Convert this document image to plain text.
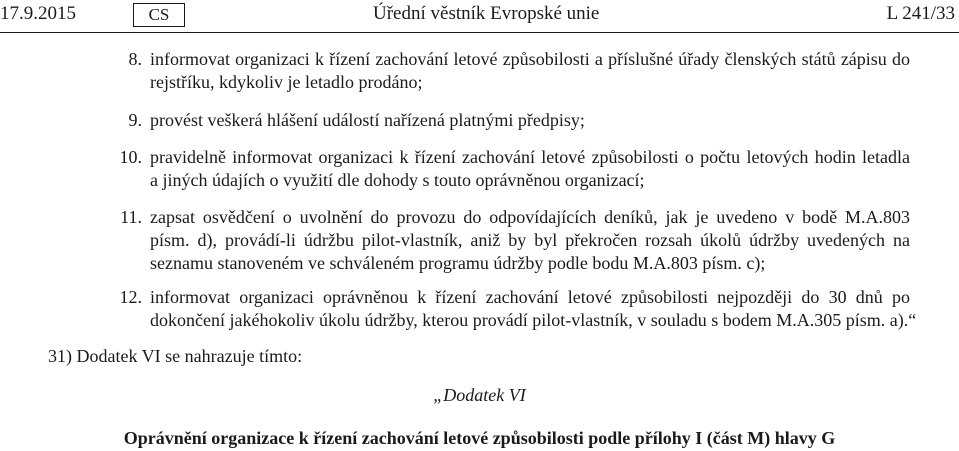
17.9.2015	CS	Úřední věstník Evropské unie	L 241/33
8. informovat organizaci k řízení zachování letové způsobilosti a příslušné úřady členských států zápisu do
rejstříku, kdykoliv je letadlo prodáno;
9. provést veškerá hlášení událostí nařízená platnými předpisy;
10. pravidelně informovat organizaci k řízení zachování letové způsobilosti o počtu letových hodin letadla
a jiných údajích o využití dle dohody s touto oprávněnou organizací;
11. zapsat osvědčení o uvolnění do provozu do odpovídajících deníků, jak je uvedeno v bodě M.A.803
písm. d), provádí-li údržbu pilot-vlastník, aniž by byl překročen rozsah úkolů údržby uvedených na
seznamu stanoveném ve schváleném programu údržby podle bodu M.A.803 písm. c);
12. informovat organizaci oprávněnou k řízení zachování letové způsobilosti nejpozději do 30 dnů po
dokončení jakéhokoliv úkolu údržby, kterou provádí pilot-vlastník, v souladu s bodem M.A.305 písm. a).“
31) Dodatek VI se nahrazuje tímto:
„Dodatek VI
Oprávnění organizace k řízení zachování letové způsobilosti podle přílohy I (část M) hlavy G
